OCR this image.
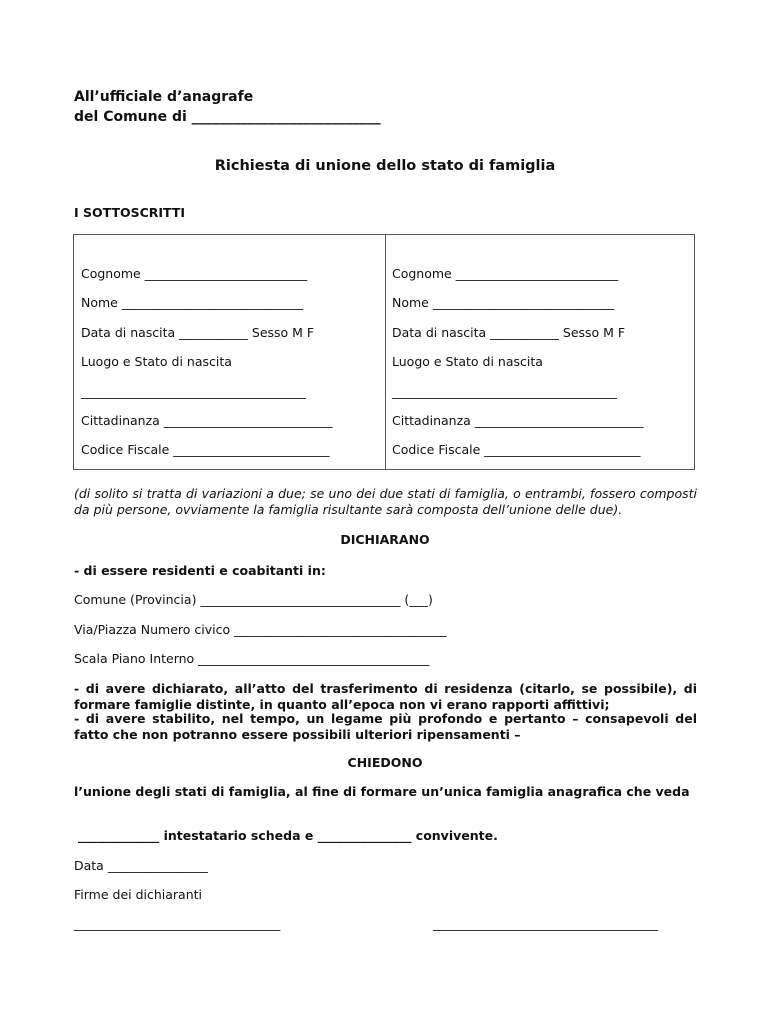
All’ufficiale d’anagrafe
del Comune di ___________________________
Richiesta di unione dello stato di famiglia
I SOTTOSCRITTI
Cognome __________________________
Nome _____________________________
Data di nascita ___________ Sesso M F
Luogo e Stato di nascita
____________________________________
Cittadinanza ___________________________
Codice Fiscale _________________________
Cognome __________________________
Nome _____________________________
Data di nascita ___________ Sesso M F
Luogo e Stato di nascita
____________________________________
Cittadinanza ___________________________
Codice Fiscale _________________________
(di solito si tratta di variazioni a due; se uno dei due stati di famiglia, o entrambi, fossero composti da più persone, ovviamente la famiglia risultante sarà composta dell’unione delle due).
DICHIARANO
- di essere residenti e coabitanti in:
Comune (Provincia) ________________________________ (___)
Via/Piazza Numero civico __________________________________
Scala Piano Interno _____________________________________
- di avere dichiarato, all’atto del trasferimento di residenza (citarlo, se possibile), di formare famiglie distinte, in quanto all’epoca non vi erano rapporti affittivi;
- di avere stabilito, nel tempo, un legame più profondo e pertanto – consapevoli del fatto che non potranno essere possibili ulteriori ripensamenti –
CHIEDONO
l’unione degli stati di famiglia, al fine di formare un’unica famiglia anagrafica che veda
_____________ intestatario scheda e _______________ convivente.
Data ________________
Firme dei dichiaranti
_________________________________	____________________________________
